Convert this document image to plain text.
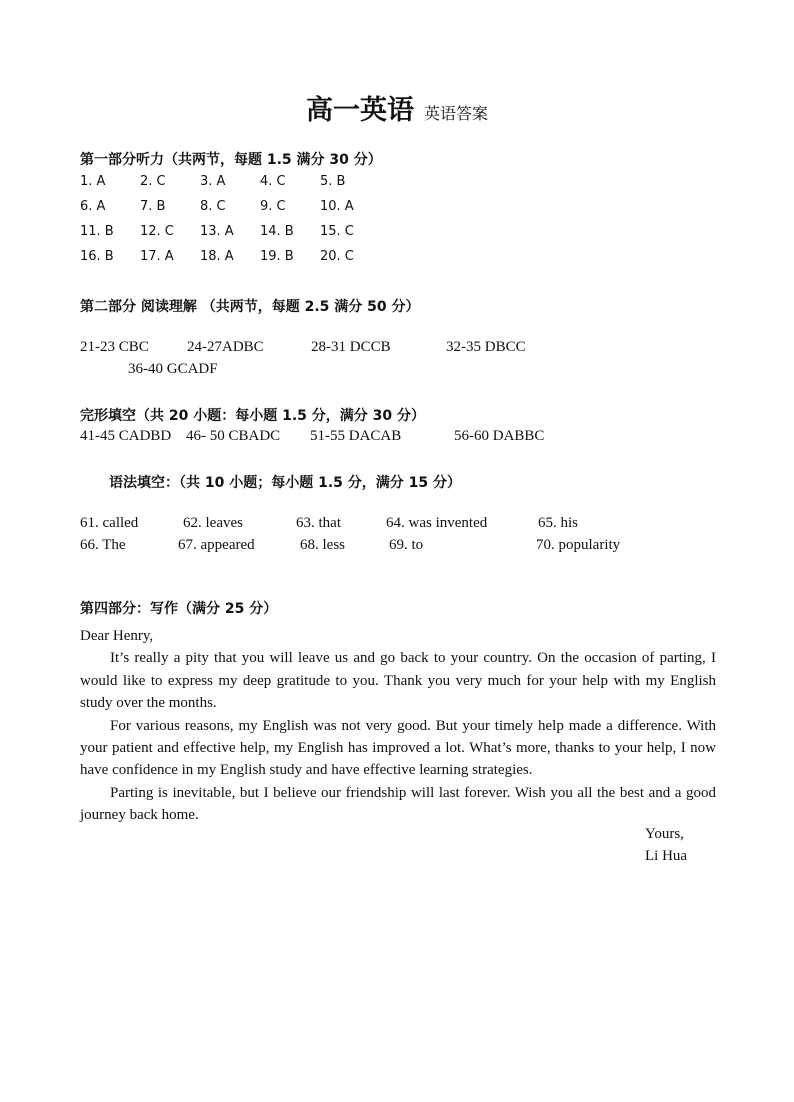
高一英语 英语答案
第一部分听力（共两节，每题 1.5 满分 30 分）
1. A	2. C	3. A	4. C	5. B
6. A	7. B	8. C	9. C	10. A
11. B 12. C 13. A 14. B 15. C
16. B 17. A 18. A 19. B 20. C
第二部分 阅读理解 （共两节，每题 2.5 满分 50 分）
21-23 CBC	24-27ADBC	28-31 DCCB	32-35 DBCC
36-40 GCADF
完形填空（共 20 小题：每小题 1.5 分，满分 30 分）
41-45 CADBD 46- 50 CBADC 51-55 DACAB	56-60 DABBC
语法填空：（共 10 小题；每小题 1.5 分，满分 15 分）
61. called	62. leaves	63. that	64. was invented	65. his
66. The	67. appeared	68. less	69. to	70. popularity
第四部分：写作（满分 25 分）

Dear Henry,

It’s really a pity that you will leave us and go back to your country. On the occasion of parting, I would like to express my deep gratitude to you. Thank you very much for your help with my English study over the months.

For various reasons, my English was not very good. But your timely help made a difference. With your patient and effective help, my English has improved a lot. What’s more, thanks to your help, I now have confidence in my English study and have effective learning strategies.

Parting is inevitable, but I believe our friendship will last forever. Wish you all the best and a good journey back home.

Yours,
Li Hua
